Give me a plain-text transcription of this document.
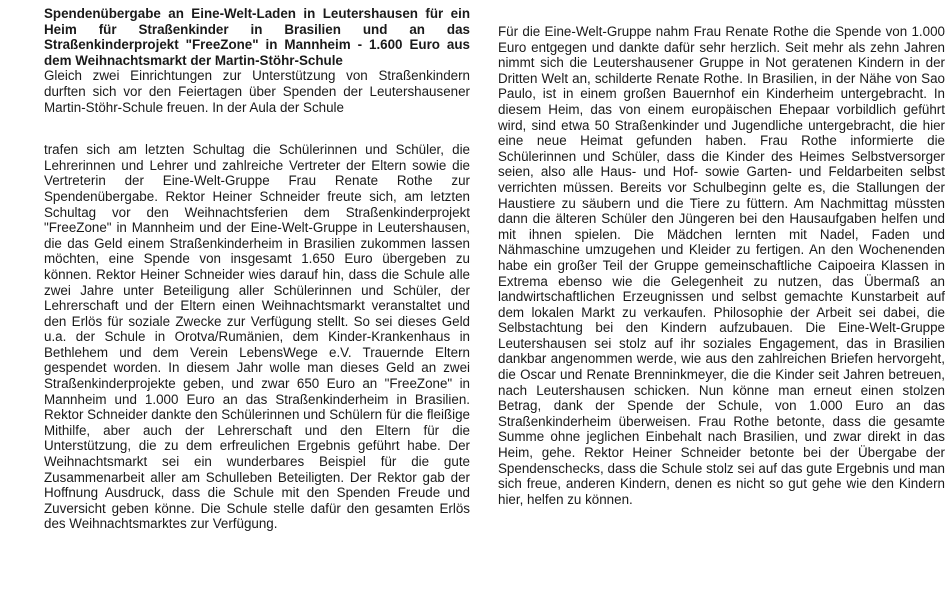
Spendenübergabe an Eine-Welt-Laden in Leutershausen für ein Heim für Straßenkinder in Brasilien und an das Straßenkinderprojekt "FreeZone" in Mannheim - 1.600 Euro aus dem Weihnachtsmarkt der Martin-Stöhr-Schule

Gleich zwei Einrichtungen zur Unterstützung von Straßenkindern durften sich vor den Feiertagen über Spenden der Leutershausener Martin-Stöhr-Schule freuen. In der Aula der Schule

trafen sich am letzten Schultag die Schülerinnen und Schüler, die Lehrerinnen und Lehrer und zahlreiche Vertreter der Eltern sowie die Vertreterin der Eine-Welt-Gruppe Frau Renate Rothe zur Spendenübergabe. Rektor Heiner Schneider freute sich, am letzten Schultag vor den Weihnachtsferien dem Straßenkinderprojekt "FreeZone" in Mannheim und der Eine-Welt-Gruppe in Leutershausen, die das Geld einem Straßenkinderheim in Brasilien zukommen lassen möchten, eine Spende von insgesamt 1.650 Euro übergeben zu können. Rektor Heiner Schneider wies darauf hin, dass die Schule alle zwei Jahre unter Beteiligung aller Schülerinnen und Schüler, der Lehrerschaft und der Eltern einen Weihnachtsmarkt veranstaltet und den Erlös für soziale Zwecke zur Verfügung stellt. So sei dieses Geld u.a. der Schule in Orotva/Rumänien, dem Kinder-Krankenhaus in Bethlehem und dem Verein LebensWege e.V. Trauernde Eltern gespendet worden. In diesem Jahr wolle man dieses Geld an zwei Straßenkinderprojekte geben, und zwar 650 Euro an "FreeZone" in Mannheim und 1.000 Euro an das Straßenkinderheim in Brasilien. Rektor Schneider dankte den Schülerinnen und Schülern für die fleißige Mithilfe, aber auch der Lehrerschaft und den Eltern für die Unterstützung, die zu dem erfreulichen Ergebnis geführt habe. Der Weihnachtsmarkt sei ein wunderbares Beispiel für die gute Zusammenarbeit aller am Schulleben Beteiligten. Der Rektor gab der Hoffnung Ausdruck, dass die Schule mit den Spenden Freude und Zuversicht geben könne. Die Schule stelle dafür den gesamten Erlös des Weihnachtsmarktes zur Verfügung.

Für die Eine-Welt-Gruppe nahm Frau Renate Rothe die Spende von 1.000 Euro entgegen und dankte dafür sehr herzlich. Seit mehr als zehn Jahren nimmt sich die Leutershausener Gruppe in Not geratenen Kindern in der Dritten Welt an, schilderte Renate Rothe. In Brasilien, in der Nähe von Sao Paulo, ist in einem großen Bauernhof ein Kinderheim untergebracht. In diesem Heim, das von einem europäischen Ehepaar vorbildlich geführt wird, sind etwa 50 Straßenkinder und Jugendliche untergebracht, die hier eine neue Heimat gefunden haben. Frau Rothe informierte die Schülerinnen und Schüler, dass die Kinder des Heimes Selbstversorger seien, also alle Haus- und Hof- sowie Garten- und Feldarbeiten selbst verrichten müssen. Bereits vor Schulbeginn gelte es, die Stallungen der Haustiere zu säubern und die Tiere zu füttern. Am Nachmittag müssten dann die älteren Schüler den Jüngeren bei den Hausaufgaben helfen und mit ihnen spielen. Die Mädchen lernten mit Nadel, Faden und Nähmaschine umzugehen und Kleider zu fertigen. An den Wochenenden habe ein großer Teil der Gruppe gemeinschaftliche Caipoeira Klassen in Extrema ebenso wie die Gelegenheit zu nutzen, das Übermaß an landwirtschaftlichen Erzeugnissen und selbst gemachte Kunstarbeit auf dem lokalen Markt zu verkaufen. Philosophie der Arbeit sei dabei, die Selbstachtung bei den Kindern aufzubauen. Die Eine-Welt-Gruppe Leutershausen sei stolz auf ihr soziales Engagement, das in Brasilien dankbar angenommen werde, wie aus den zahlreichen Briefen hervorgeht, die Oscar und Renate Brenninkmeyer, die die Kinder seit Jahren betreuen, nach Leutershausen schicken. Nun könne man erneut einen stolzen Betrag, dank der Spende der Schule, von 1.000 Euro an das Straßenkinderheim überweisen. Frau Rothe betonte, dass die gesamte Summe ohne jeglichen Einbehalt nach Brasilien, und zwar direkt in das Heim, gehe. Rektor Heiner Schneider betonte bei der Übergabe der Spendenschecks, dass die Schule stolz sei auf das gute Ergebnis und man sich freue, anderen Kindern, denen es nicht so gut gehe wie den Kindern hier, helfen zu können.
